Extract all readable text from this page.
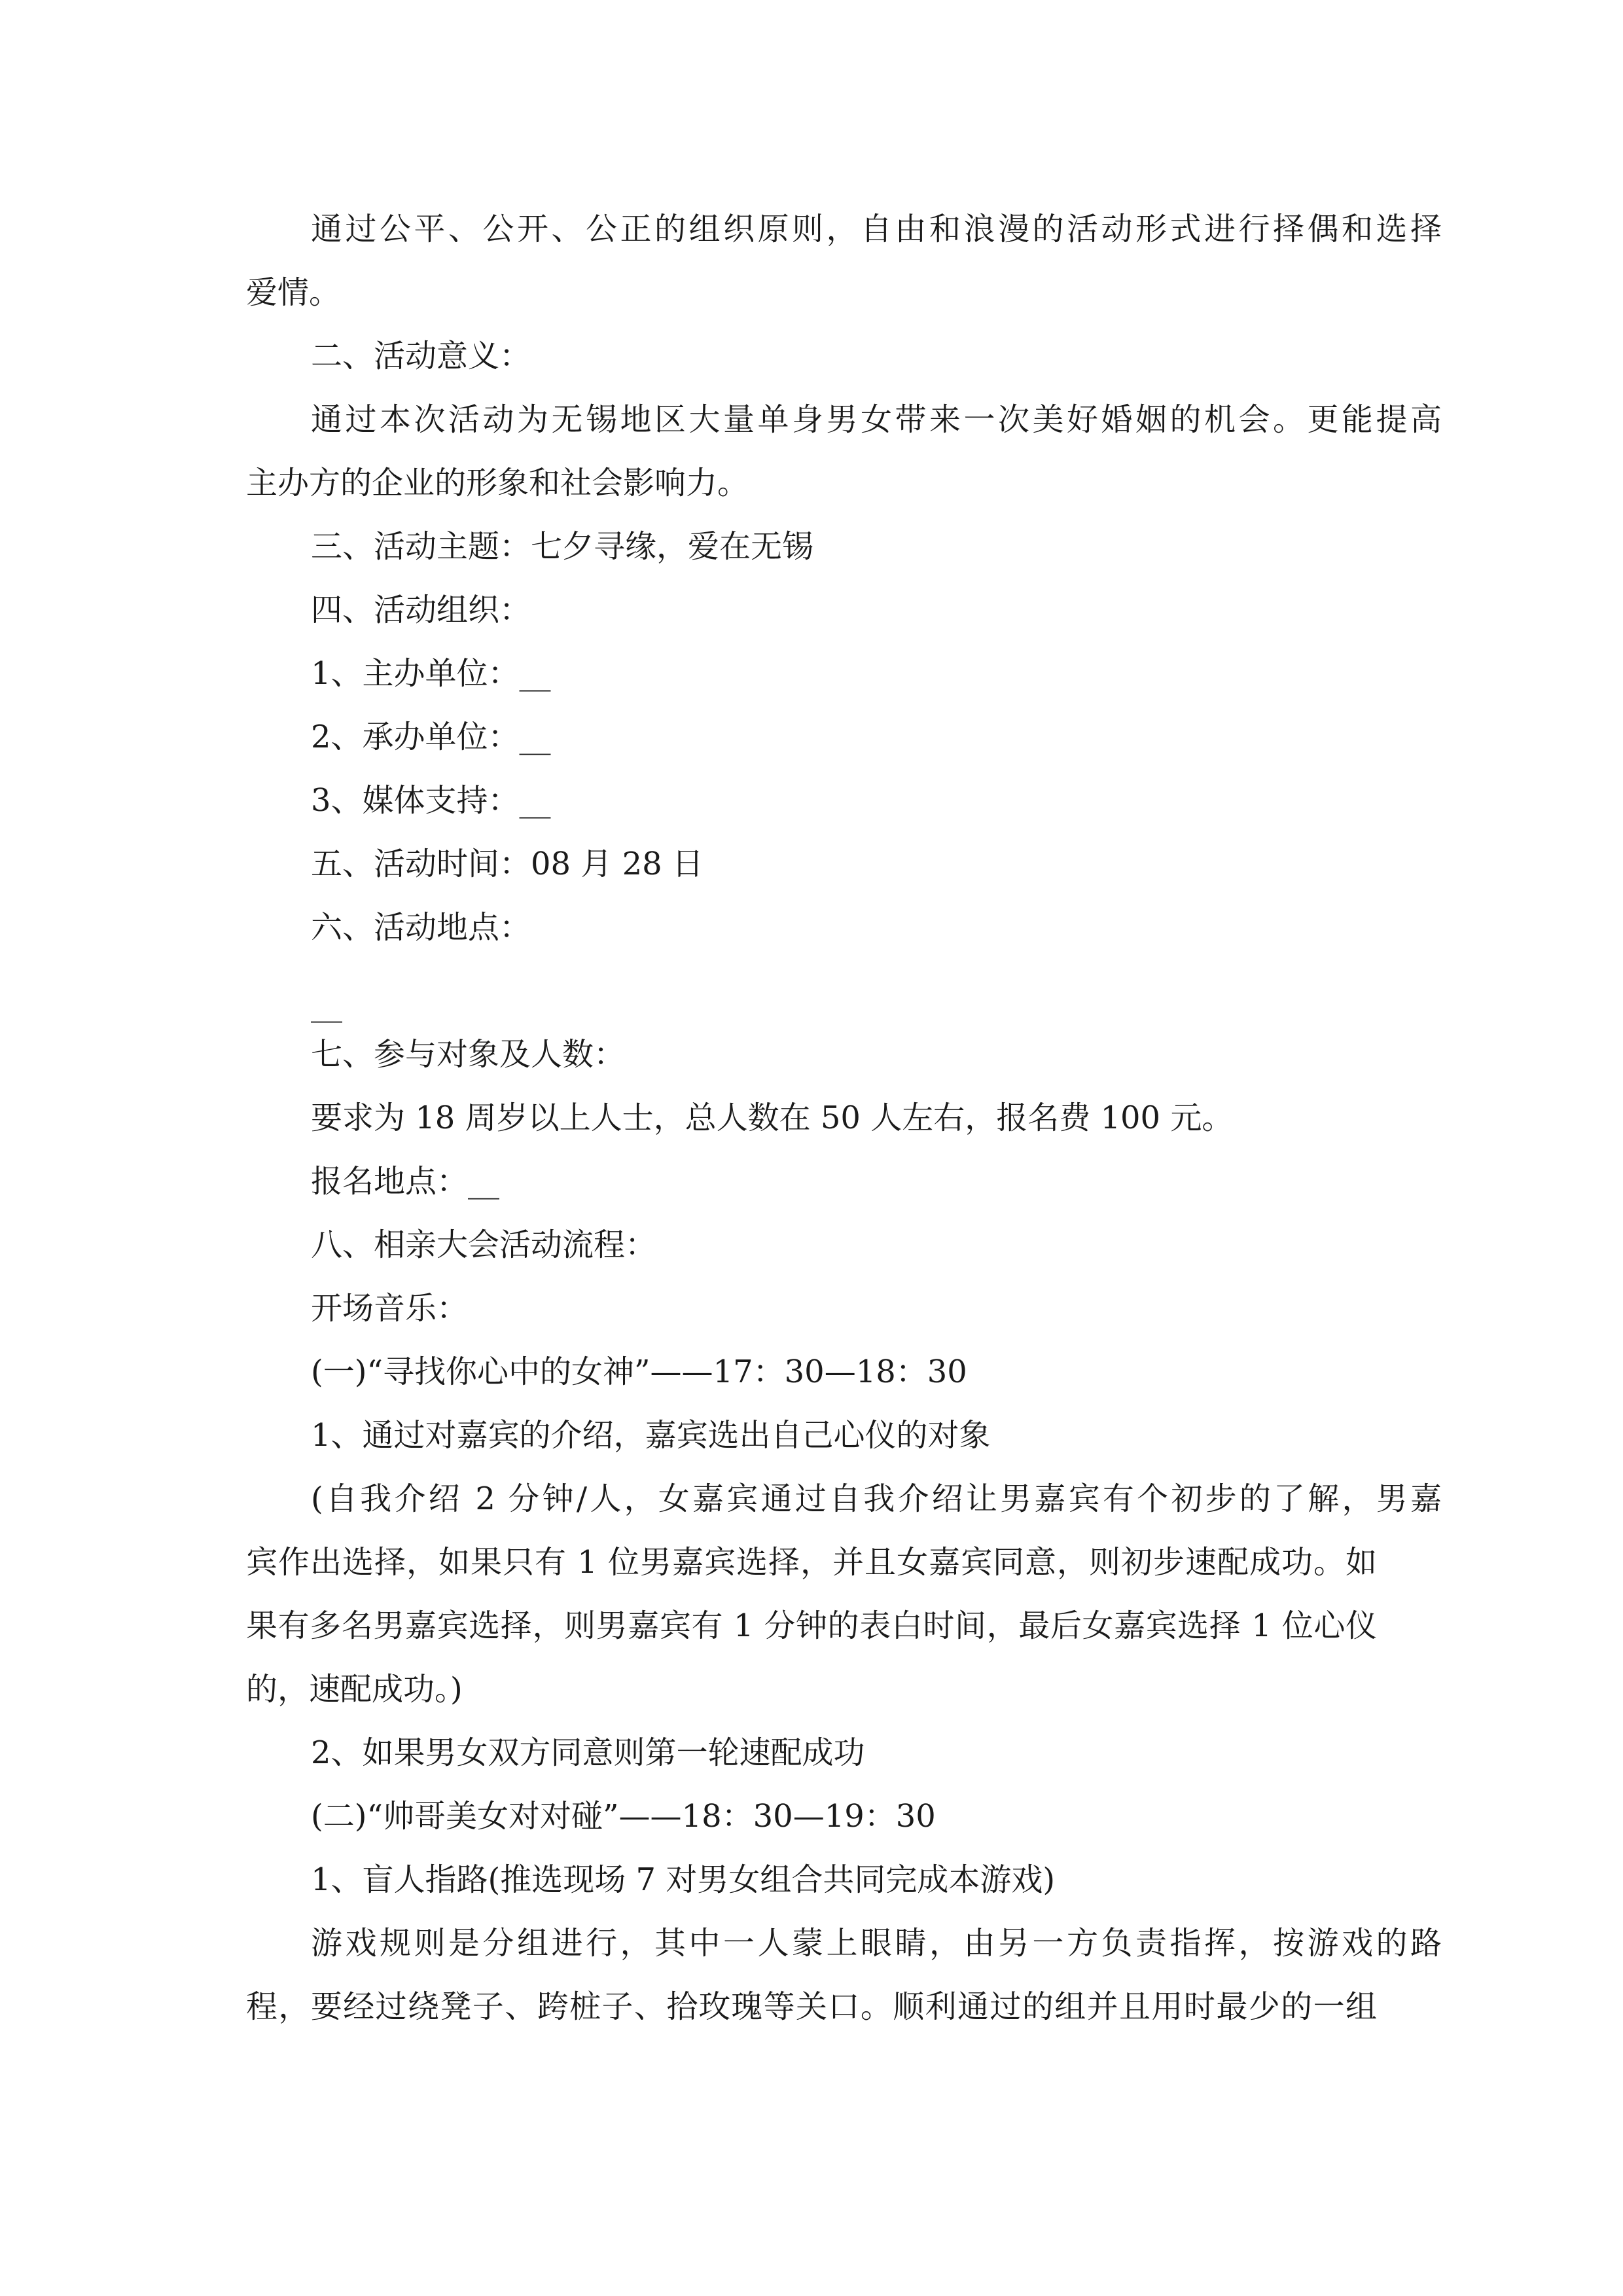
通过公平、公开、公正的组织原则，自由和浪漫的活动形式进行择偶和选择
爱情。
二、活动意义：
通过本次活动为无锡地区大量单身男女带来一次美好婚姻的机会。更能提高
主办方的企业的形象和社会影响力。
三、活动主题：七夕寻缘，爱在无锡
四、活动组织：
1、主办单位：__
2、承办单位：__
3、媒体支持：__
五、活动时间：08 月 28 日
六、活动地点：
__
七、参与对象及人数：
要求为 18 周岁以上人士，总人数在 50 人左右，报名费 100 元。
报名地点：__
八、相亲大会活动流程：
开场音乐：
(一)“寻找你心中的女神”——17：30—18：30
1、通过对嘉宾的介绍，嘉宾选出自己心仪的对象
(自我介绍 2 分钟/人，女嘉宾通过自我介绍让男嘉宾有个初步的了解，男嘉
宾作出选择，如果只有 1 位男嘉宾选择，并且女嘉宾同意，则初步速配成功。如
果有多名男嘉宾选择，则男嘉宾有 1 分钟的表白时间，最后女嘉宾选择 1 位心仪
的，速配成功。)
2、如果男女双方同意则第一轮速配成功
(二)“帅哥美女对对碰”——18：30—19：30
1、盲人指路(推选现场 7 对男女组合共同完成本游戏)
游戏规则是分组进行，其中一人蒙上眼睛，由另一方负责指挥，按游戏的路
程，要经过绕凳子、跨桩子、拾玫瑰等关口。顺利通过的组并且用时最少的一组
